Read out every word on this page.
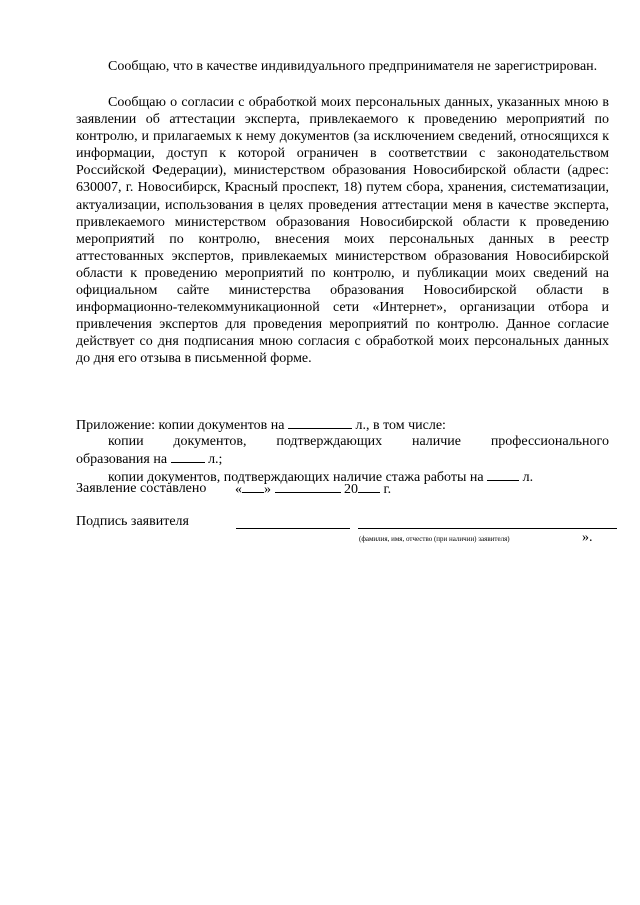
Сообщаю, что в качестве индивидуального предпринимателя не зарегистрирован.

Сообщаю о согласии с обработкой моих персональных данных, указанных мною в заявлении об аттестации эксперта, привлекаемого к проведению мероприятий по контролю, и прилагаемых к нему документов (за исключением сведений, относящихся к информации, доступ к которой ограничен в соответствии с законодательством Российской Федерации), министерством образования Новосибирской области (адрес: 630007, г. Новосибирск, Красный проспект, 18) путем сбора, хранения, систематизации, актуализации, использования в целях проведения аттестации меня в качестве эксперта, привлекаемого министерством образования Новосибирской области к проведению мероприятий по контролю, внесения моих персональных данных в реестр аттестованных экспертов, привлекаемых министерством образования Новосибирской области к проведению мероприятий по контролю, и публикации моих сведений на официальном сайте министерства образования Новосибирской области в информационно-телекоммуникационной сети «Интернет», организации отбора и привлечения экспертов для проведения мероприятий по контролю. Данное согласие действует со дня подписания мною согласия с обработкой моих персональных данных до дня его отзыва в письменной форме.

Приложение: копии документов на	л., в том числе:
копии документов, подтверждающих наличие профессионального
образования на	л.;
копии документов, подтверждающих наличие стажа работы на	л.
Заявление составлено « »	20 г.
Подпись заявителя
(фамилия, имя, отчество (при наличии) заявителя)	».
